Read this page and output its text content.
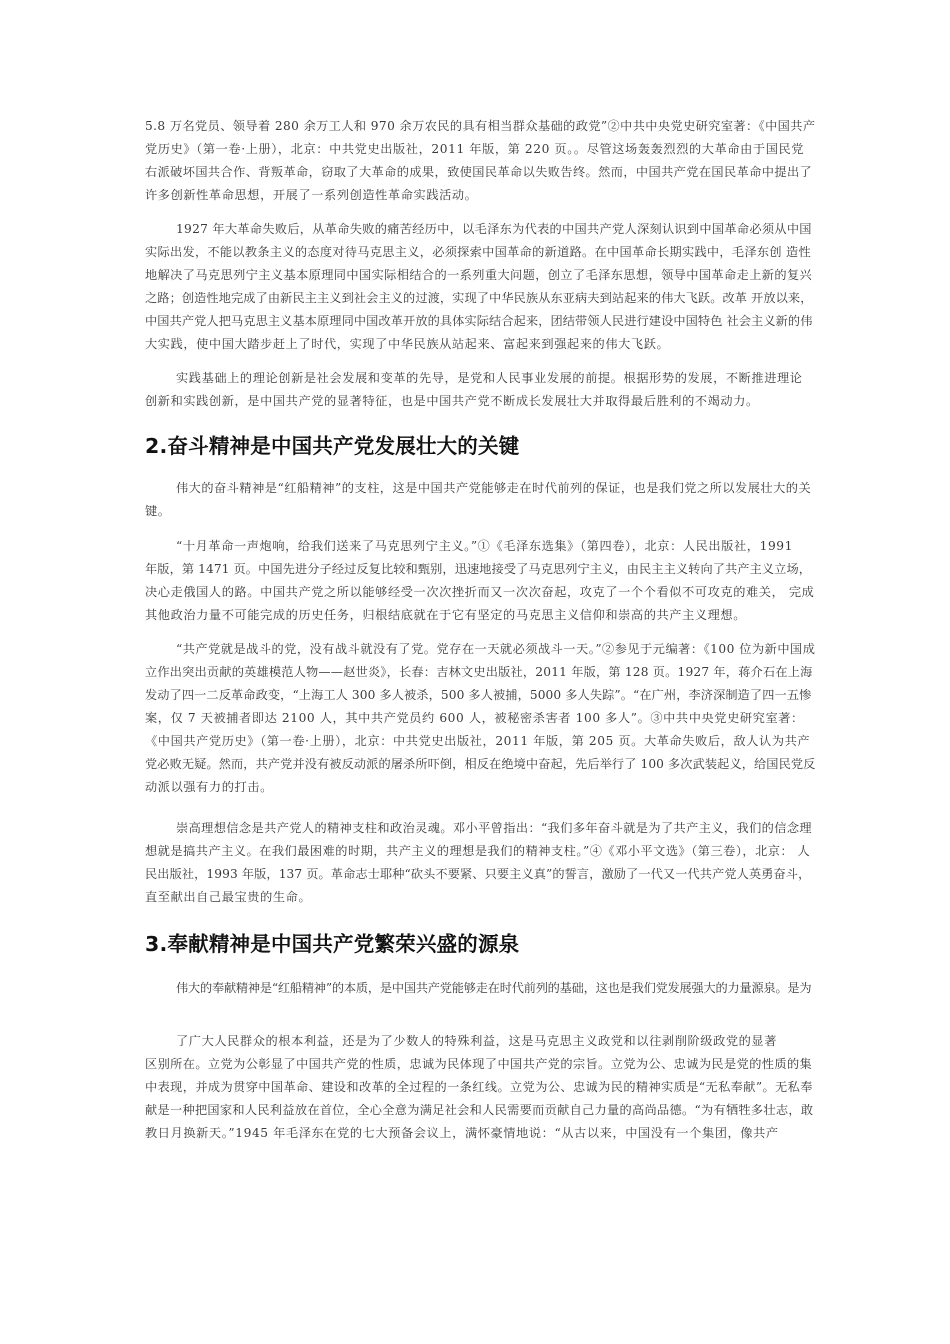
5.8 万名党员、领导着 280 余万工人和 970 余万农民的具有相当群众基础的政党”②中共中央党史研究室著：《中国共产
党历史》（第一卷·上册），北京：中共党史出版社，2011 年版，第 220 页。。尽管这场轰轰烈烈的大革命由于国民党
右派破坏国共合作、背叛革命，窃取了大革命的成果，致使国民革命以失败告终。然而，中国共产党在国民革命中提出了
许多创新性革命思想，开展了一系列创造性革命实践活动。
1927 年大革命失败后，从革命失败的痛苦经历中，以毛泽东为代表的中国共产党人深刻认识到中国革命必须从中国
实际出发，不能以教条主义的态度对待马克思主义，必须探索中国革命的新道路。在中国革命长期实践中，毛泽东创 造性
地解决了马克思列宁主义基本原理同中国实际相结合的一系列重大问题，创立了毛泽东思想，领导中国革命走上新的复兴
之路；创造性地完成了由新民主主义到社会主义的过渡，实现了中华民族从东亚病夫到站起来的伟大飞跃。改革 开放以来，
中国共产党人把马克思主义基本原理同中国改革开放的具体实际结合起来，团结带领人民进行建设中国特色 社会主义新的伟
大实践，使中国大踏步赶上了时代，实现了中华民族从站起来、富起来到强起来的伟大飞跃。
实践基础上的理论创新是社会发展和变革的先导，是党和人民事业发展的前提。根据形势的发展，不断推进理论
创新和实践创新，是中国共产党的显著特征，也是中国共产党不断成长发展壮大并取得最后胜利的不竭动力。
2.奋斗精神是中国共产党发展壮大的关键
伟大的奋斗精神是“红船精神”的支柱，这是中国共产党能够走在时代前列的保证，也是我们党之所以发展壮大的关
键。
“十月革命一声炮响，给我们送来了马克思列宁主义。”①《毛泽东选集》（第四卷），北京：人民出版社，1991
年版，第 1471 页。中国先进分子经过反复比较和甄别，迅速地接受了马克思列宁主义，由民主主义转向了共产主义立场，
决心走俄国人的路。中国共产党之所以能够经受一次次挫折而又一次次奋起，攻克了一个个看似不可攻克的难关， 完成
其他政治力量不可能完成的历史任务，归根结底就在于它有坚定的马克思主义信仰和崇高的共产主义理想。
“共产党就是战斗的党，没有战斗就没有了党。党存在一天就必须战斗一天。”②参见于元编著：《100 位为新中国成
立作出突出贡献的英雄模范人物——赵世炎》，长春：吉林文史出版社，2011 年版，第 128 页。1927 年，蒋介石在上海
发动了四一二反革命政变，“上海工人 300 多人被杀，500 多人被捕，5000 多人失踪”。“在广州，李济深制造了四一五惨
案，仅 7 天被捕者即达 2100 人，其中共产党员约 600 人，被秘密杀害者 100 多人”。③中共中央党史研究室著：
《中国共产党历史》（第一卷·上册），北京：中共党史出版社，2011 年版，第 205 页。大革命失败后，敌人认为共产
党必败无疑。然而，共产党并没有被反动派的屠杀所吓倒，相反在绝境中奋起，先后举行了 100 多次武装起义，给国民党反
动派以强有力的打击。
崇高理想信念是共产党人的精神支柱和政治灵魂。邓小平曾指出：“我们多年奋斗就是为了共产主义，我们的信念理
想就是搞共产主义。在我们最困难的时期，共产主义的理想是我们的精神支柱。”④《邓小平文选》（第三卷），北京： 人
民出版社，1993 年版，137 页。革命志士耶种“砍头不要紧、只要主义真”的誓言，激励了一代又一代共产党人英勇奋斗，
直至献出自己最宝贵的生命。
3.奉献精神是中国共产党繁荣兴盛的源泉
伟大的奉献精神是“红船精神”的本质，是中国共产党能够走在时代前列的基础，这也是我们党发展强大的力量源泉。是为
了广大人民群众的根本利益，还是为了少数人的特殊利益，这是马克思主义政党和以往剥削阶级政党的显著
区别所在。立党为公彰显了中国共产党的性质，忠诚为民体现了中国共产党的宗旨。立党为公、忠诚为民是党的性质的集
中表现，并成为贯穿中国革命、建设和改革的全过程的一条红线。立党为公、忠诚为民的精神实质是“无私奉献”。无私奉
献是一种把国家和人民利益放在首位，全心全意为满足社会和人民需要而贡献自己力量的高尚品德。“为有牺牲多壮志，敢
教日月换新天。”1945 年毛泽东在党的七大预备会议上，满怀豪情地说：“从古以来，中国没有一个集团，像共产
